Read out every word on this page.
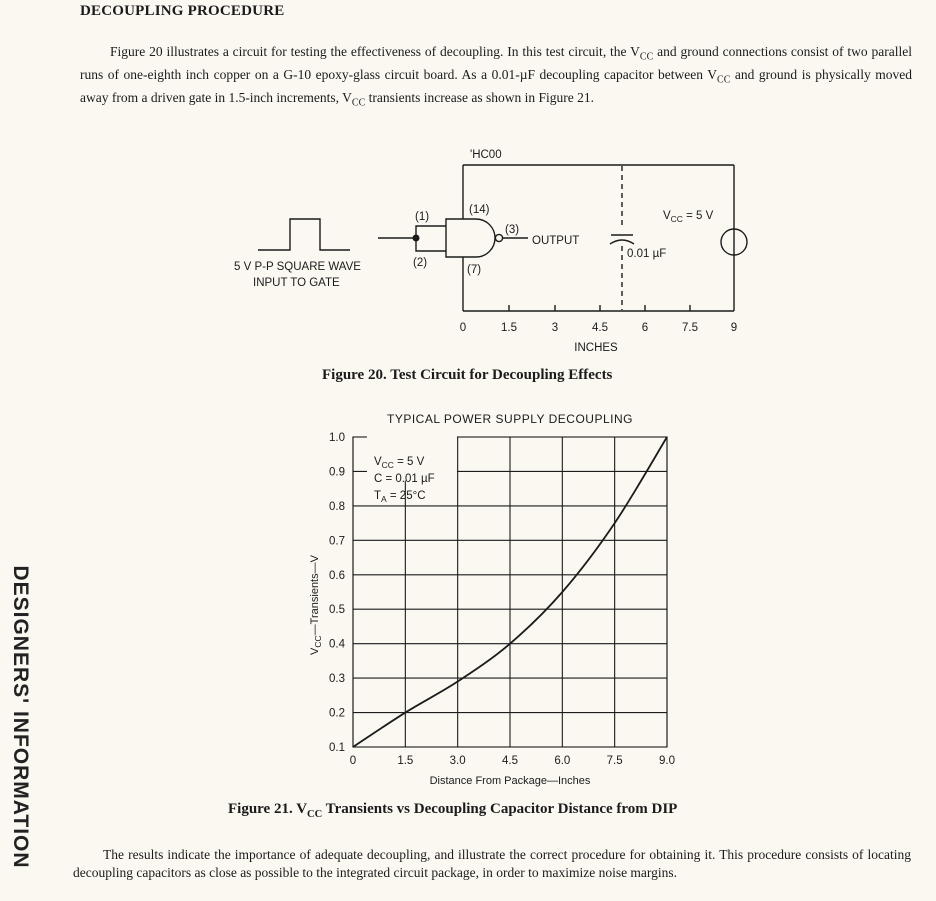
DECOUPLING PROCEDURE

Figure 20 illustrates a circuit for testing the effectiveness of decoupling. In this test circuit, the $V_{CC}$ and ground connections consist of two parallel runs of one-eighth inch copper on a G-10 epoxy-glass circuit board. As a 0.01-µF decoupling capacitor between $V_{CC}$ and ground is physically moved away from a driven gate in 1.5-inch increments, $V_{CC}$ transients increase as shown in Figure 21.

'HC00
(1)
(2)
(14)
(7)
(3)
OUTPUT
0.01 µF
$V_{CC} = 5$ V
5 V P-P SQUARE WAVE
INPUT TO GATE
0	1.5	3	4.5	6	7.5	9
INCHES
Figure 20. Test Circuit for Decoupling Effects
0	1.5	3.0	4.5	6.0	7.5	9.0
0.1
0.2
0.3
0.4
0.5
0.6
0.7
0.8
0.9
1.0
TYPICAL POWER SUPPLY DECOUPLING
Distance From Package—Inches
$V_{CC}—Transients—V$
$V_{CC} = 5$ V
C = 0.01 µF
$T_A = 25^\circ C$
Figure 21. $V_{CC}$ Transients vs Decoupling Capacitor Distance from DIP

The results indicate the importance of adequate decoupling, and illustrate the correct procedure for obtaining it. This procedure consists of locating decoupling capacitors as close as possible to the integrated circuit package, in order to maximize noise margins.

DESIGNERS' INFORMATION
